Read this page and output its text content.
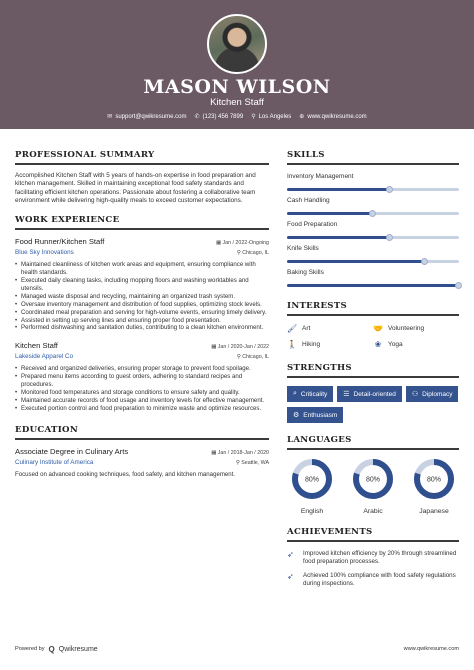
MASON WILSON
Kitchen Staff
✉ support@qwikresume.com ✆ (123) 456 7899 ⚲ Los Angeles ⊕ www.qwikresume.com
PROFESSIONAL SUMMARY
Accomplished Kitchen Staff with 5 years of hands-on expertise in food preparation and kitchen management. Skilled in maintaining exceptional food safety standards and facilitating efficient kitchen operations. Passionate about fostering a collaborative team environment while delivering high-quality meals to exceed customer expectations.
WORK EXPERIENCE
Food Runner/Kitchen Staff	▦ Jan / 2022-Ongoing
Blue Sky Innovations	⚲ Chicago, IL
• Maintained cleanliness of kitchen work areas and equipment, ensuring compliance with health standards.
• Executed daily cleaning tasks, including mopping floors and washing worktables and utensils.
• Managed waste disposal and recycling, maintaining an organized trash system.
• Oversaw inventory management and distribution of food supplies, optimizing stock levels.
• Coordinated meal preparation and serving for high-volume events, ensuring timely delivery.
• Assisted in setting up serving lines and ensuring proper food presentation.
• Performed dishwashing and sanitation duties, contributing to a clean kitchen environment.
Kitchen Staff	▦ Jan / 2020-Jan / 2022
Lakeside Apparel Co	⚲ Chicago, IL
• Received and organized deliveries, ensuring proper storage to prevent food spoilage.
• Prepared menu items according to guest orders, adhering to standard recipes and procedures.
• Monitored food temperatures and storage conditions to ensure safety and quality.
• Maintained accurate records of food usage and inventory levels for effective management.
• Executed portion control and food preparation to minimize waste and optimize resources.
EDUCATION
Associate Degree in Culinary Arts	▦ Jan / 2018-Jan / 2020
Culinary Institute of America	⚲ Seattle, WA
Focused on advanced cooking techniques, food safety, and kitchen management.
SKILLS
Inventory Management
Cash Handling
Food Preparation
Knife Skills
Baking Skills
INTERESTS
🖌 Art	🤝 Volunteering
🚶 Hiking	❀ Yoga
STRENGTHS
⌕ Criticality ☰ Detail-oriented ⚇ Diplomacy
⚙ Enthusiasm
LANGUAGES
80%
English
80%
Arabic
80%
Japanese
ACHIEVEMENTS
➶	Improved kitchen efficiency by 20% through streamlined food preparation processes.
➶	Achieved 100% compliance with food safety regulations during inspections.
Powered by Q Qwikresume	www.qwikresume.com
